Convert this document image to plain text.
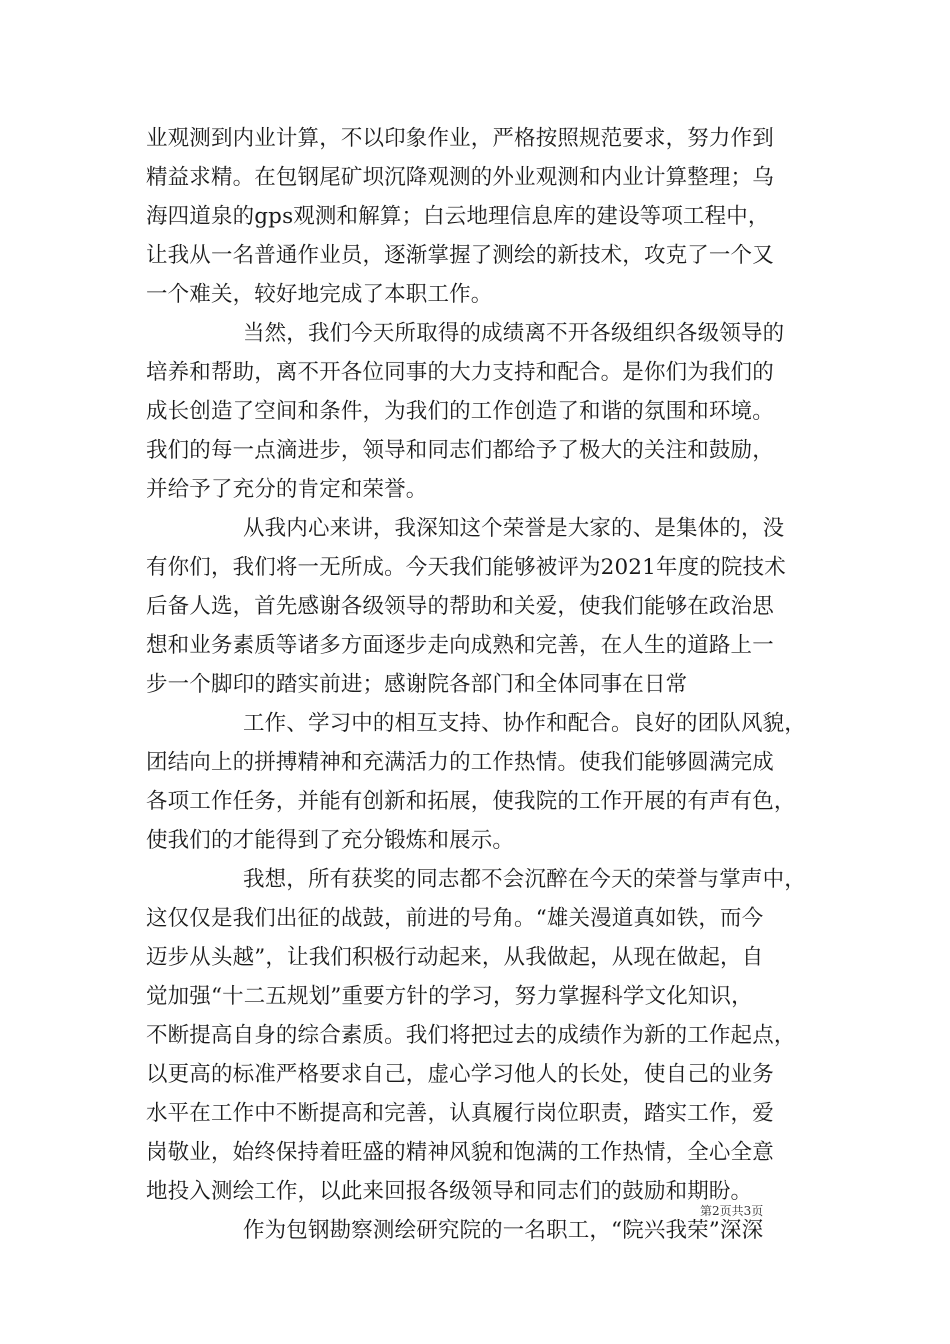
业观测到内业计算，不以印象作业，严格按照规范要求，努力作到
精益求精。在包钢尾矿坝沉降观测的外业观测和内业计算整理；乌
海四道泉的gps观测和解算；白云地理信息库的建设等项工程中，
让我从一名普通作业员，逐渐掌握了测绘的新技术，攻克了一个又
一个难关，较好地完成了本职工作。
当然，我们今天所取得的成绩离不开各级组织各级领导的
培养和帮助，离不开各位同事的大力支持和配合。是你们为我们的
成长创造了空间和条件，为我们的工作创造了和谐的氛围和环境。
我们的每一点滴进步，领导和同志们都给予了极大的关注和鼓励，
并给予了充分的肯定和荣誉。
从我内心来讲，我深知这个荣誉是大家的、是集体的，没
有你们，我们将一无所成。今天我们能够被评为2021年度的院技术
后备人选，首先感谢各级领导的帮助和关爱，使我们能够在政治思
想和业务素质等诸多方面逐步走向成熟和完善，在人生的道路上一
步一个脚印的踏实前进；感谢院各部门和全体同事在日常
工作、学习中的相互支持、协作和配合。良好的团队风貌，
团结向上的拼搏精神和充满活力的工作热情。使我们能够圆满完成
各项工作任务，并能有创新和拓展，使我院的工作开展的有声有色，
使我们的才能得到了充分锻炼和展示。
我想，所有获奖的同志都不会沉醉在今天的荣誉与掌声中，
这仅仅是我们出征的战鼓，前进的号角。“雄关漫道真如铁，而今
迈步从头越”，让我们积极行动起来，从我做起，从现在做起，自
觉加强“十二五规划”重要方针的学习，努力掌握科学文化知识，
不断提高自身的综合素质。我们将把过去的成绩作为新的工作起点，
以更高的标准严格要求自己，虚心学习他人的长处，使自己的业务
水平在工作中不断提高和完善，认真履行岗位职责，踏实工作，爱
岗敬业，始终保持着旺盛的精神风貌和饱满的工作热情，全心全意
地投入测绘工作，以此来回报各级领导和同志们的鼓励和期盼。
作为包钢勘察测绘研究院的一名职工，“院兴我荣”深深
第2页共3页
